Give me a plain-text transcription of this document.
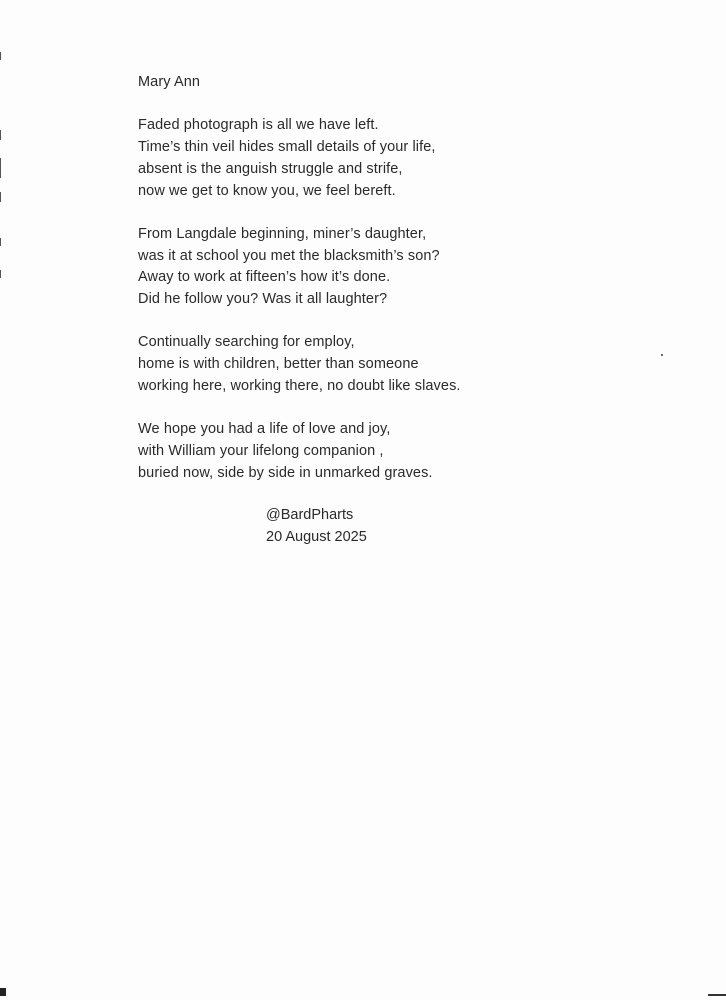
Mary Ann
Faded photograph is all we have left.
Time’s thin veil hides small details of your life,
absent is the anguish struggle and strife,
now we get to know you, we feel bereft.
From Langdale beginning, miner’s daughter,
was it at school you met the blacksmith’s son?
Away to work at fifteen’s how it’s done.
Did he follow you? Was it all laughter?
Continually searching for employ,
home is with children, better than someone
working here, working there, no doubt like slaves.
We hope you had a life of love and joy,
with William your lifelong companion ,
buried now, side by side in unmarked graves.
@BardPharts
20 August 2025
